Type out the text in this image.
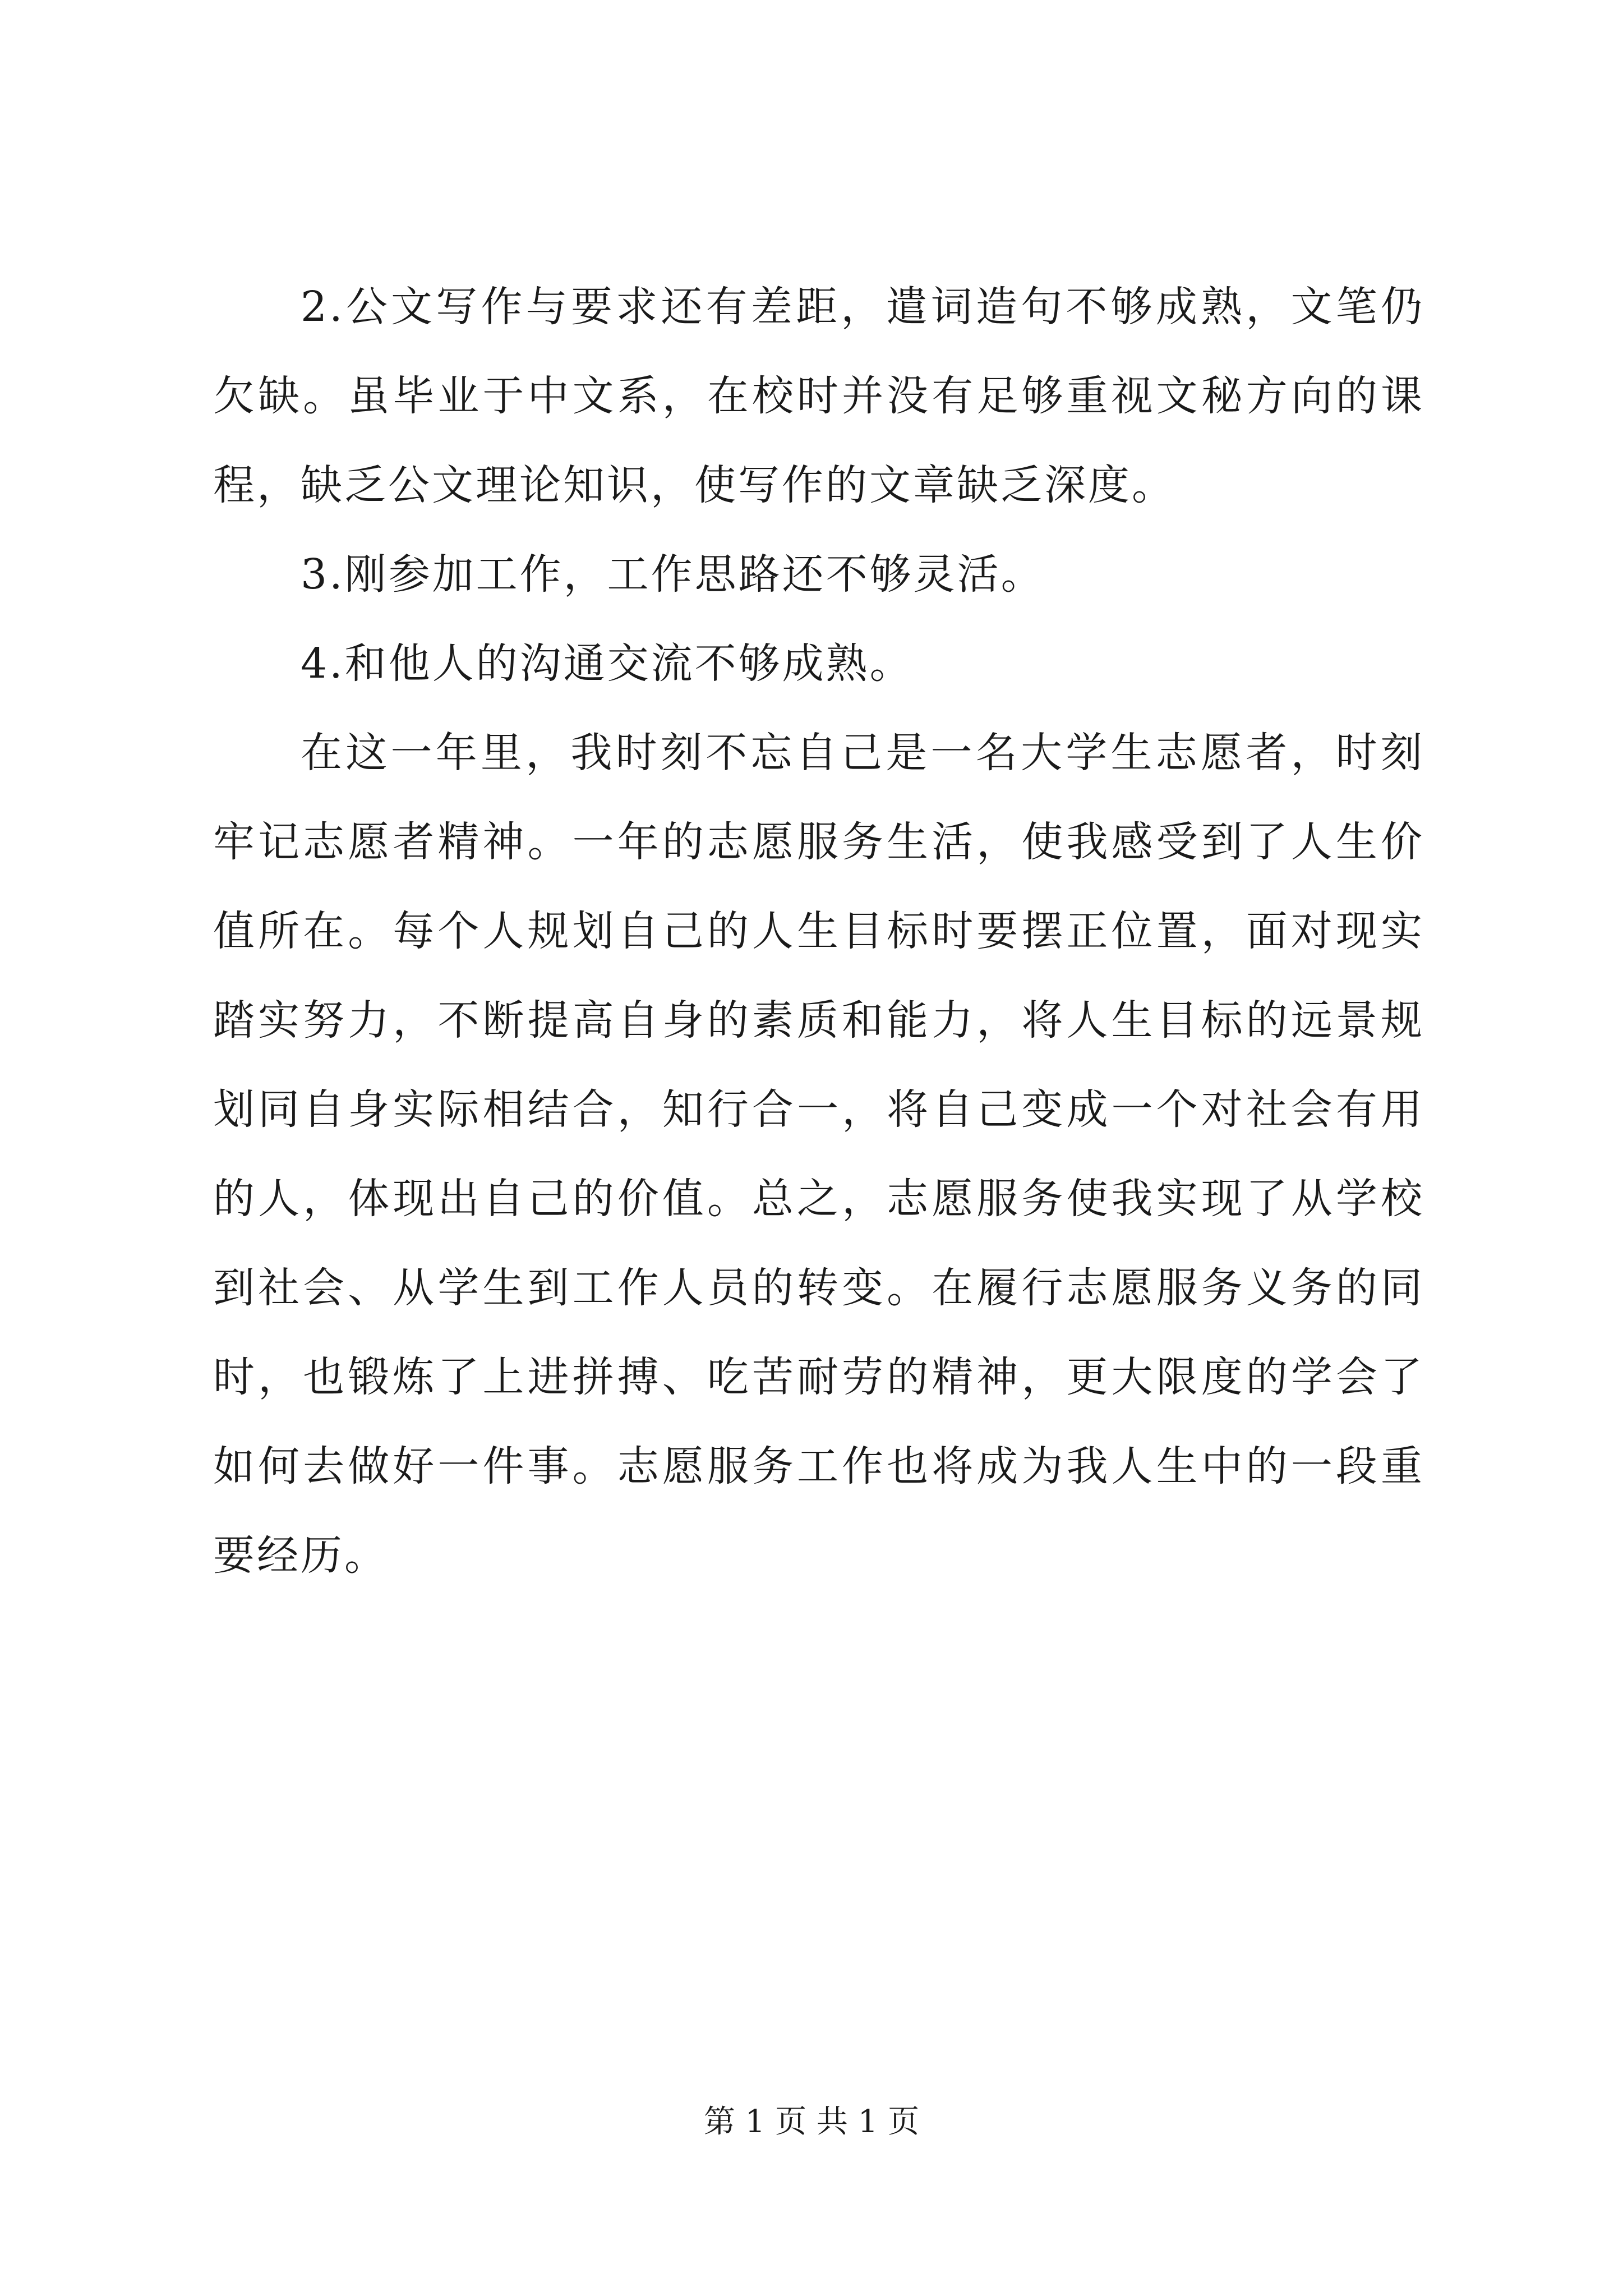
2.公文写作与要求还有差距，遣词造句不够成熟，文笔仍欠缺。虽毕业于中文系，在校时并没有足够重视文秘方向的课程，缺乏公文理论知识，使写作的文章缺乏深度。

3.刚参加工作，工作思路还不够灵活。

4.和他人的沟通交流不够成熟。

在这一年里，我时刻不忘自己是一名大学生志愿者，时刻牢记志愿者精神。一年的志愿服务生活，使我感受到了人生价值所在。每个人规划自己的人生目标时要摆正位置，面对现实踏实努力，不断提高自身的素质和能力，将人生目标的远景规划同自身实际相结合，知行合一，将自己变成一个对社会有用的人，体现出自己的价值。总之，志愿服务使我实现了从学校到社会、从学生到工作人员的转变。在履行志愿服务义务的同时，也锻炼了上进拼搏、吃苦耐劳的精神，更大限度的学会了如何去做好一件事。志愿服务工作也将成为我人生中的一段重要经历。

第 1 页 共 1 页
